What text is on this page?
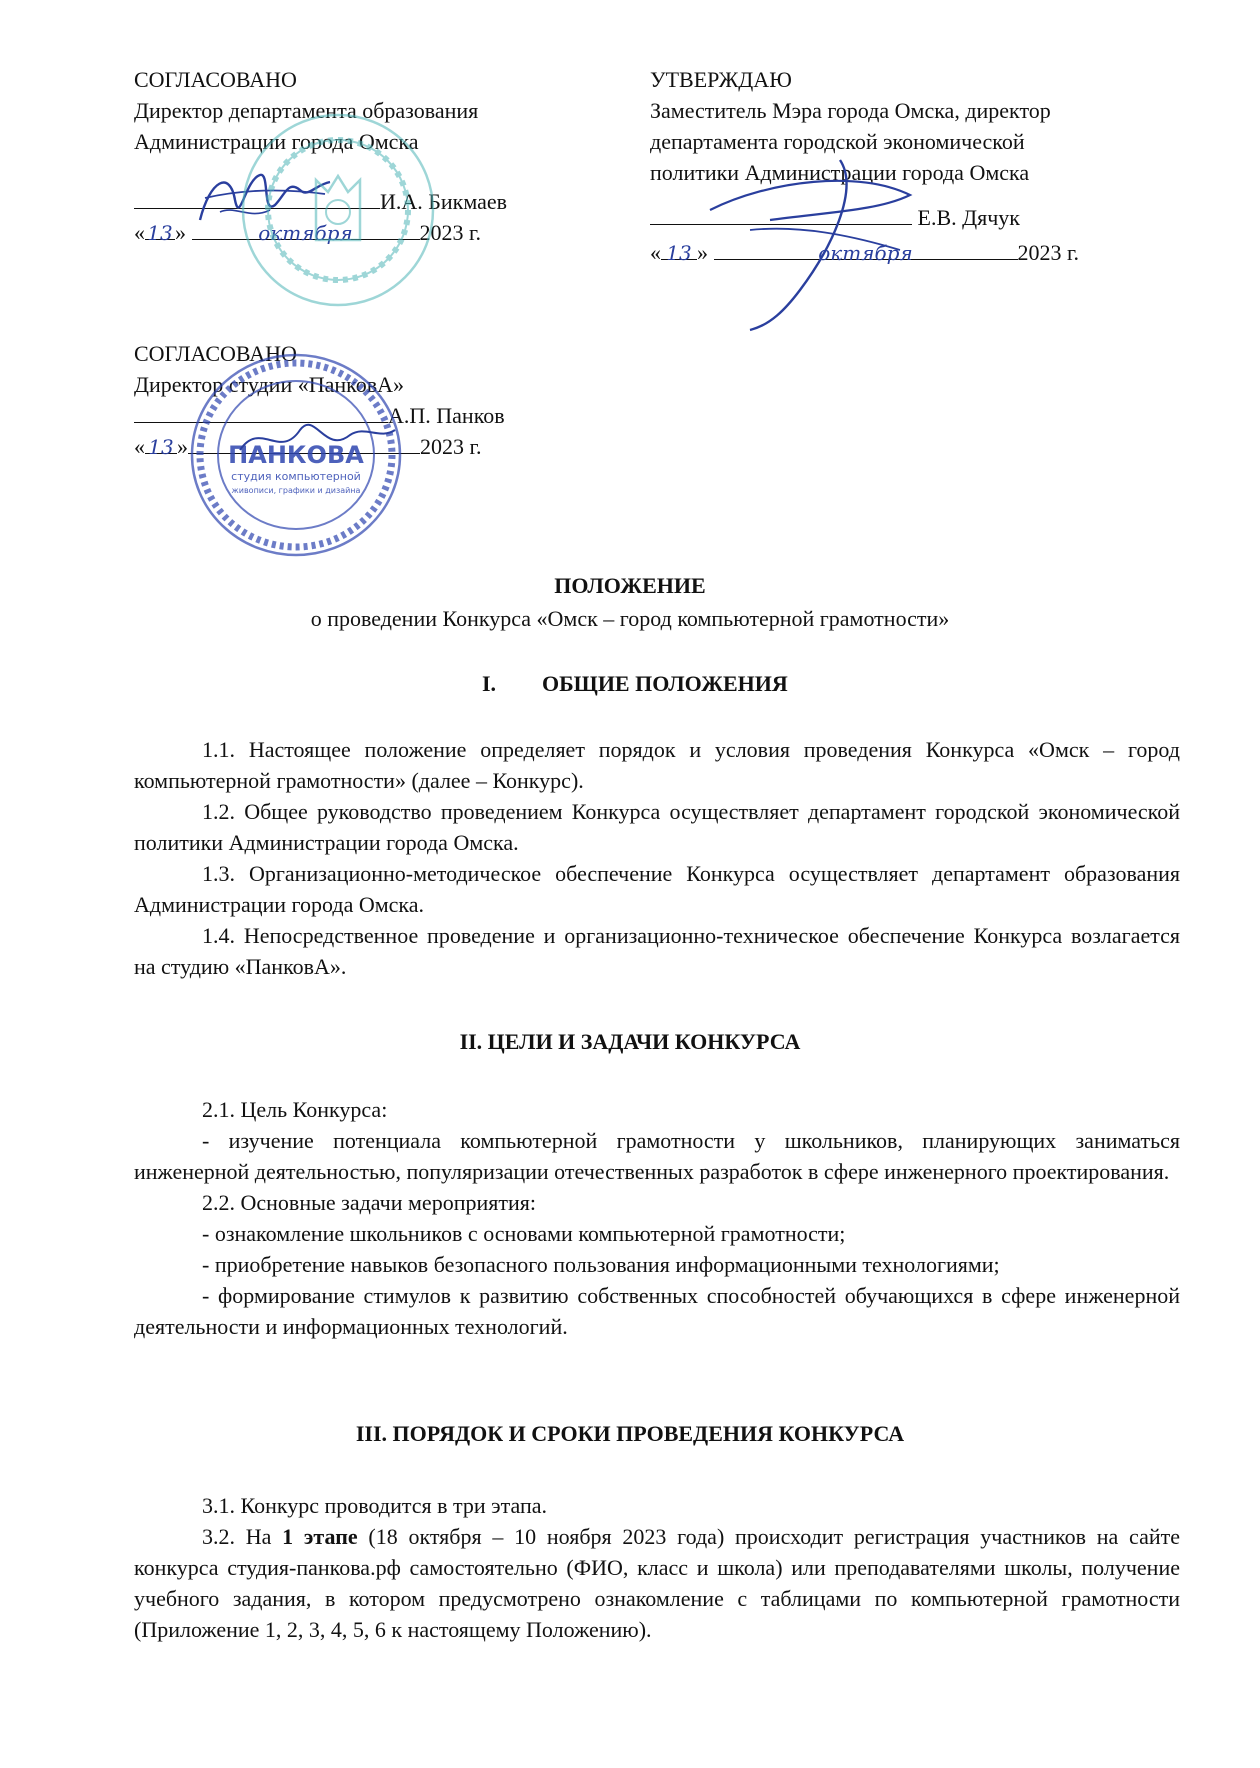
СОГЛАСОВАНО
Директор департамента образования
Администрации города Омска
И.А. Бикмаев
« 13 »	октября	2023 г.
УТВЕРЖДАЮ
Заместитель Мэра города Омска, директор
департамента городской экономической
политики Администрации города Омска
Е.В. Дячук
« 13 »	октября	2023 г.
СОГЛАСОВАНО
Директор студии «ПанковА»
А.П. Панков
« 13 »	2023 г.
ПАНКОВА
студия компьютерной
живописи, графики и дизайна
ПОЛОЖЕНИЕ
о проведении Конкурса «Омск – город компьютерной грамотности»
I. ОБЩИЕ ПОЛОЖЕНИЯ

1.1. Настоящее положение определяет порядок и условия проведения Конкурса «Омск – город компьютерной грамотности» (далее – Конкурс).

1.2. Общее руководство проведением Конкурса осуществляет департамент городской экономической политики Администрации города Омска.

1.3. Организационно-методическое обеспечение Конкурса осуществляет департамент образования Администрации города Омска.

1.4. Непосредственное проведение и организационно-техническое обеспечение Конкурса возлагается на студию «ПанковА».

II. ЦЕЛИ И ЗАДАЧИ КОНКУРСА
2.1. Цель Конкурса:

- изучение потенциала компьютерной грамотности у школьников, планирующих заниматься инженерной деятельностью, популяризации отечественных разработок в сфере инженерного проектирования.

2.2. Основные задачи мероприятия:
- ознакомление школьников с основами компьютерной грамотности;
- приобретение навыков безопасного пользования информационными технологиями;

- формирование стимулов к развитию собственных способностей обучающихся в сфере инженерной деятельности и информационных технологий.

III. ПОРЯДОК И СРОКИ ПРОВЕДЕНИЯ КОНКУРСА
3.1. Конкурс проводится в три этапа.

3.2. На 1 этапе (18 октября – 10 ноября 2023 года) происходит регистрация участников на сайте конкурса студия-панкова.рф самостоятельно (ФИО, класс и школа) или преподавателями школы, получение учебного задания, в котором предусмотрено ознакомление с таблицами по компьютерной грамотности (Приложение 1, 2, 3, 4, 5, 6 к настоящему Положению).
